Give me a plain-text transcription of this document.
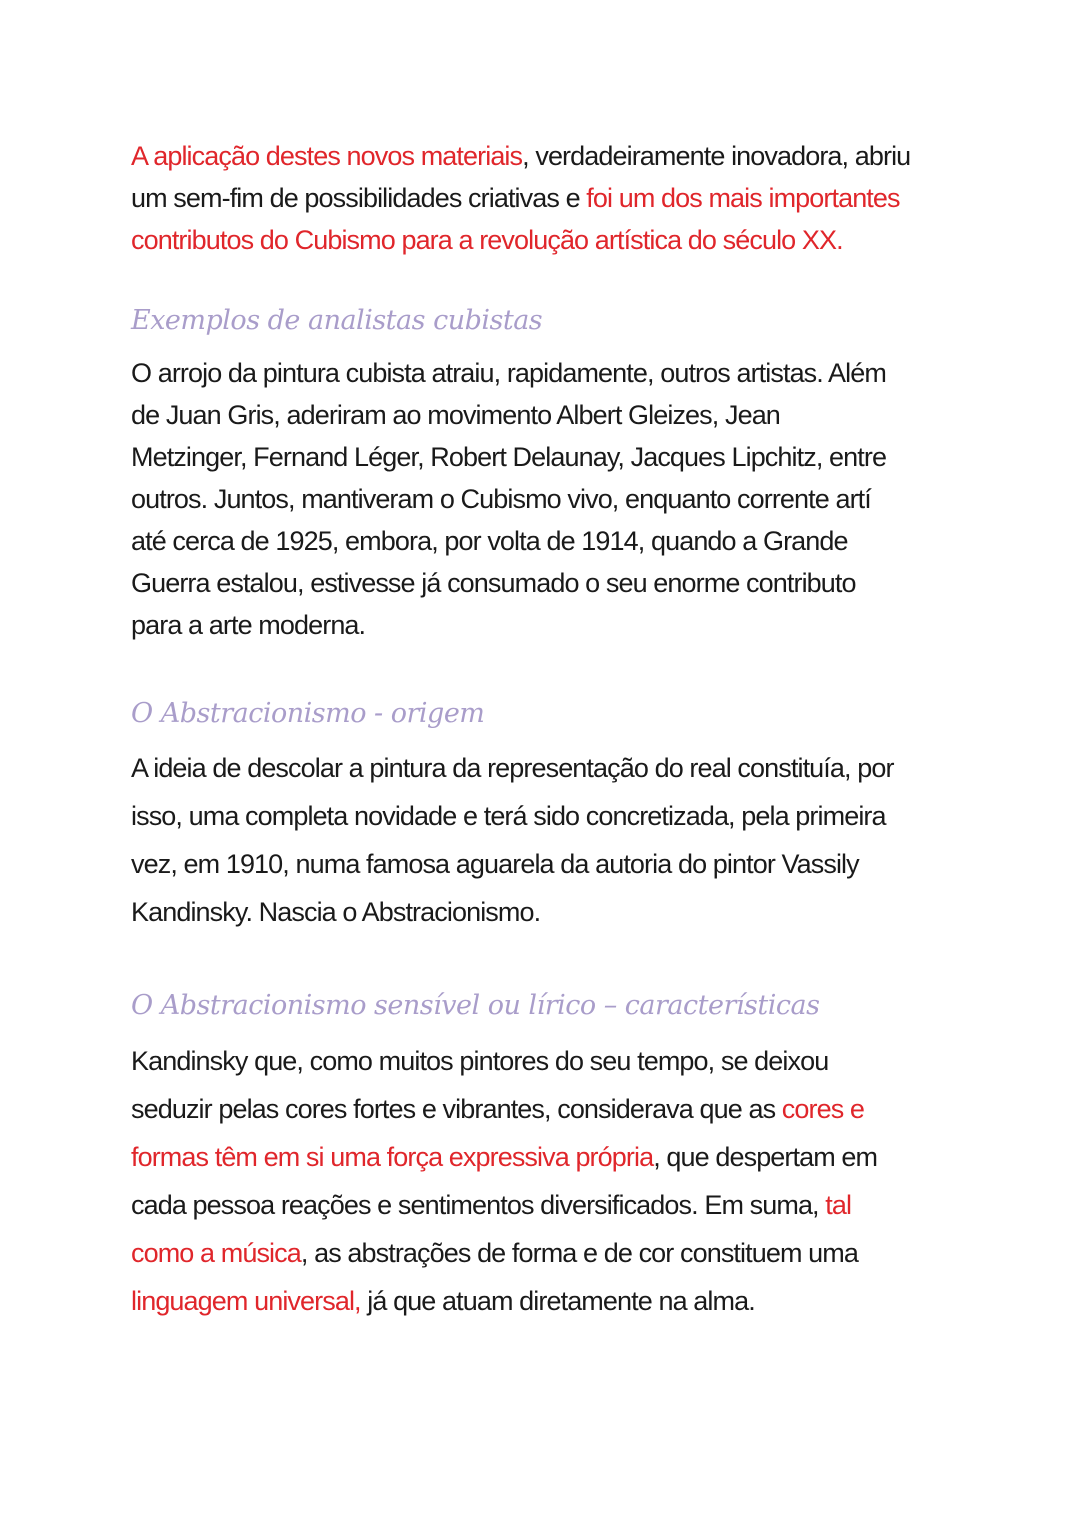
A aplicação destes novos materiais, verdadeiramente inovadora, abriu
um sem-fim de possibilidades criativas e foi um dos mais importantes
contributos do Cubismo para a revolução artística do século XX.
Exemplos de analistas cubistas
O arrojo da pintura cubista atraiu, rapidamente, outros artistas. Além
de Juan Gris, aderiram ao movimento Albert Gleizes, Jean
Metzinger, Fernand Léger, Robert Delaunay, Jacques Lipchitz, entre
outros. Juntos, mantiveram o Cubismo vivo, enquanto corrente artí
até cerca de 1925, embora, por volta de 1914, quando a Grande
Guerra estalou, estivesse já consumado o seu enorme contributo
para a arte moderna.
O Abstracionismo - origem
A ideia de descolar a pintura da representação do real constituía, por
isso, uma completa novidade e terá sido concretizada, pela primeira
vez, em 1910, numa famosa aguarela da autoria do pintor Vassily
Kandinsky. Nascia o Abstracionismo.
O Abstracionismo sensível ou lírico – características
Kandinsky que, como muitos pintores do seu tempo, se deixou
seduzir pelas cores fortes e vibrantes, considerava que as cores e
formas têm em si uma força expressiva própria, que despertam em
cada pessoa reações e sentimentos diversificados. Em suma, tal
como a música, as abstrações de forma e de cor constituem uma
linguagem universal, já que atuam diretamente na alma.
